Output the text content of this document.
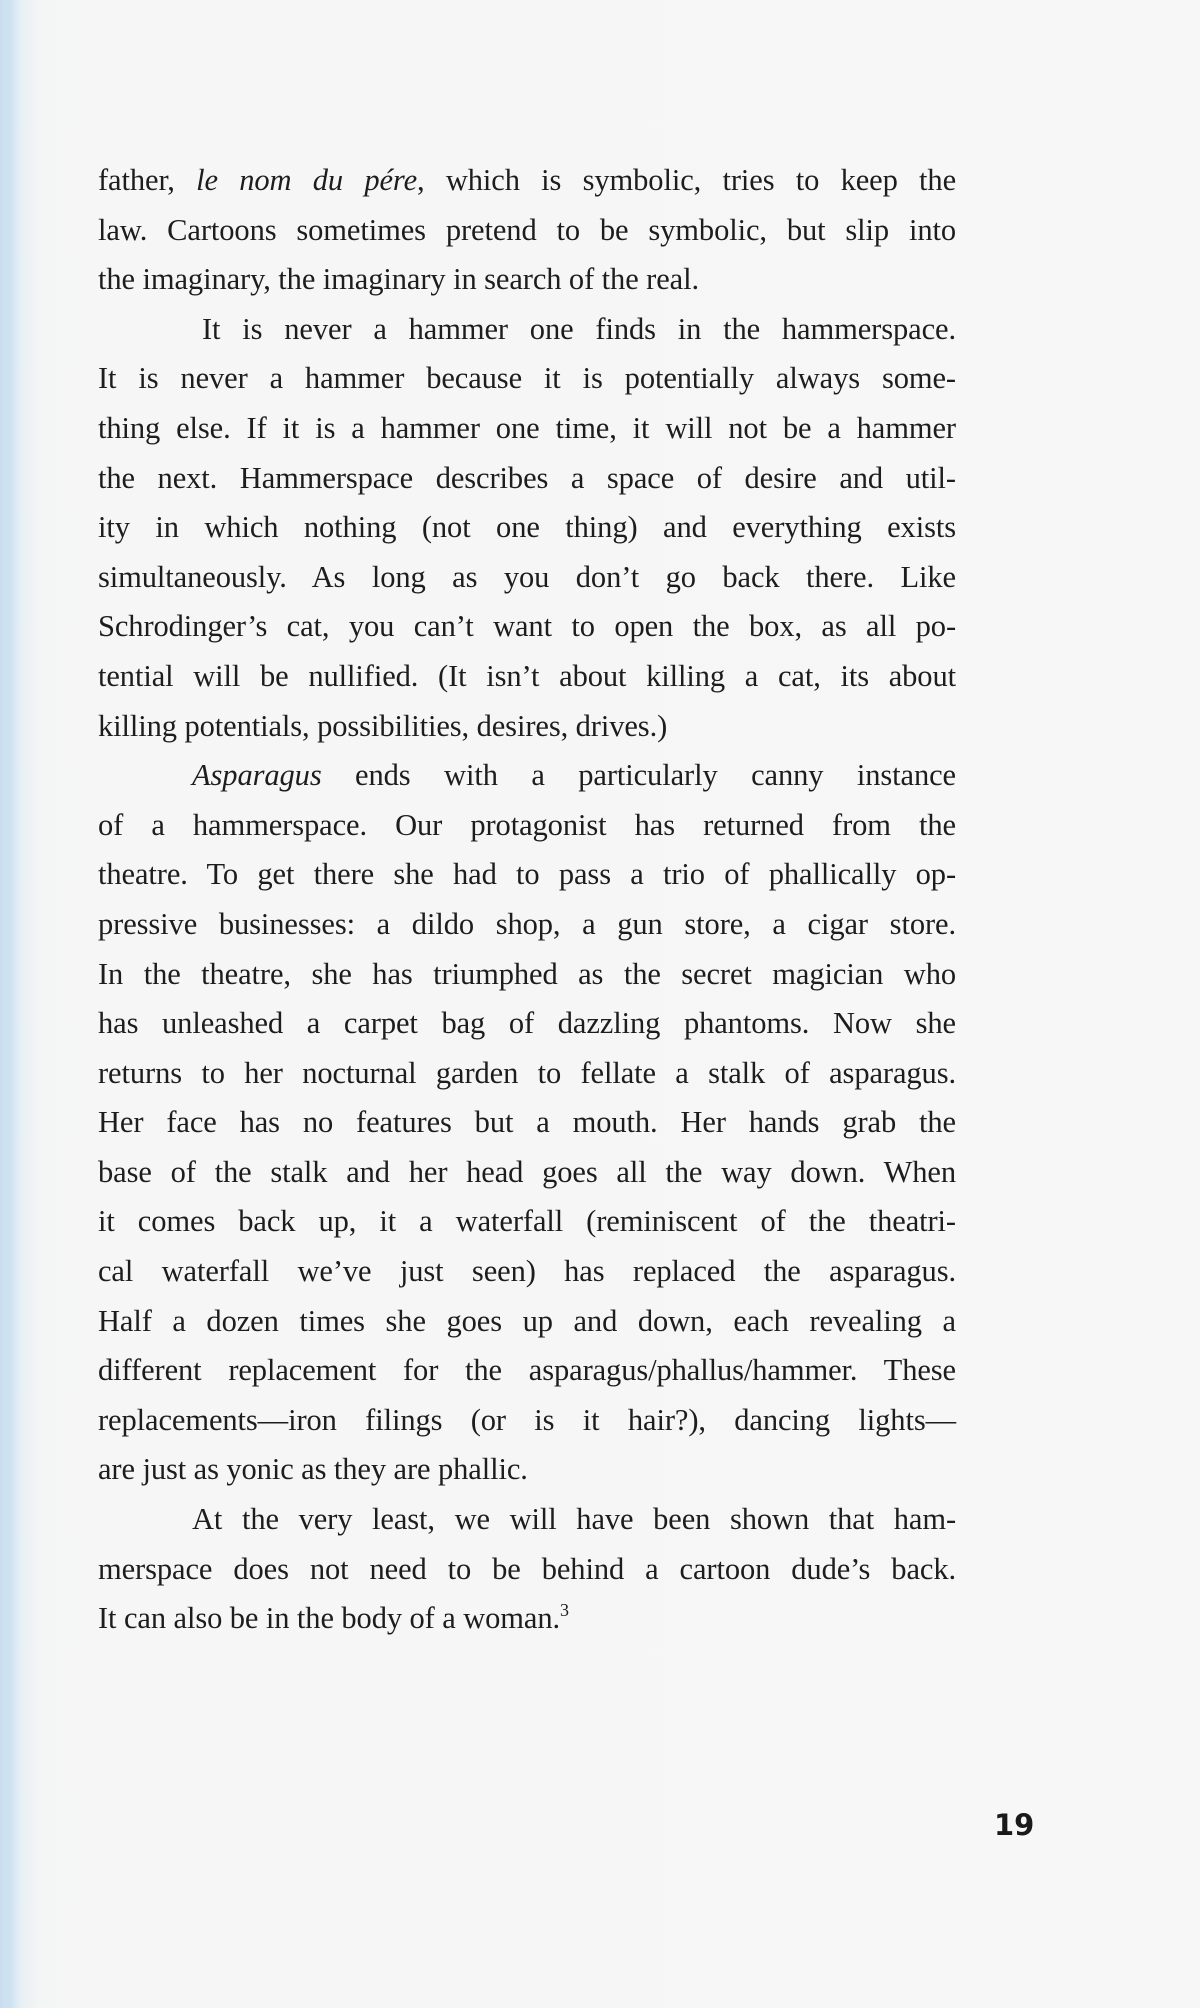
father, le nom du pére, which is symbolic, tries to keep the
law. Cartoons sometimes pretend to be symbolic, but slip into
the imaginary, the imaginary in search of the real.

It is never a hammer one finds in the hammerspace.
It is never a hammer because it is potentially always some-
thing else. If it is a hammer one time, it will not be a hammer
the next. Hammerspace describes a space of desire and util-
ity in which nothing (not one thing) and everything exists
simultaneously. As long as you don’t go back there. Like
Schrodinger’s cat, you can’t want to open the box, as all po-
tential will be nullified. (It isn’t about killing a cat, its about
killing potentials, possibilities, desires, drives.)

Asparagus ends with a particularly canny instance
of a hammerspace. Our protagonist has returned from the
theatre. To get there she had to pass a trio of phallically op-
pressive businesses: a dildo shop, a gun store, a cigar store.
In the theatre, she has triumphed as the secret magician who
has unleashed a carpet bag of dazzling phantoms. Now she
returns to her nocturnal garden to fellate a stalk of asparagus.
Her face has no features but a mouth. Her hands grab the
base of the stalk and her head goes all the way down. When
it comes back up, it a waterfall (reminiscent of the theatri-
cal waterfall we’ve just seen) has replaced the asparagus.
Half a dozen times she goes up and down, each revealing a
different replacement for the asparagus/phallus/hammer. These
replacements—iron filings (or is it hair?), dancing lights—
are just as yonic as they are phallic.

At the very least, we will have been shown that ham-
merspace does not need to be behind a cartoon dude’s back.
It can also be in the body of a woman.$^3$

19
